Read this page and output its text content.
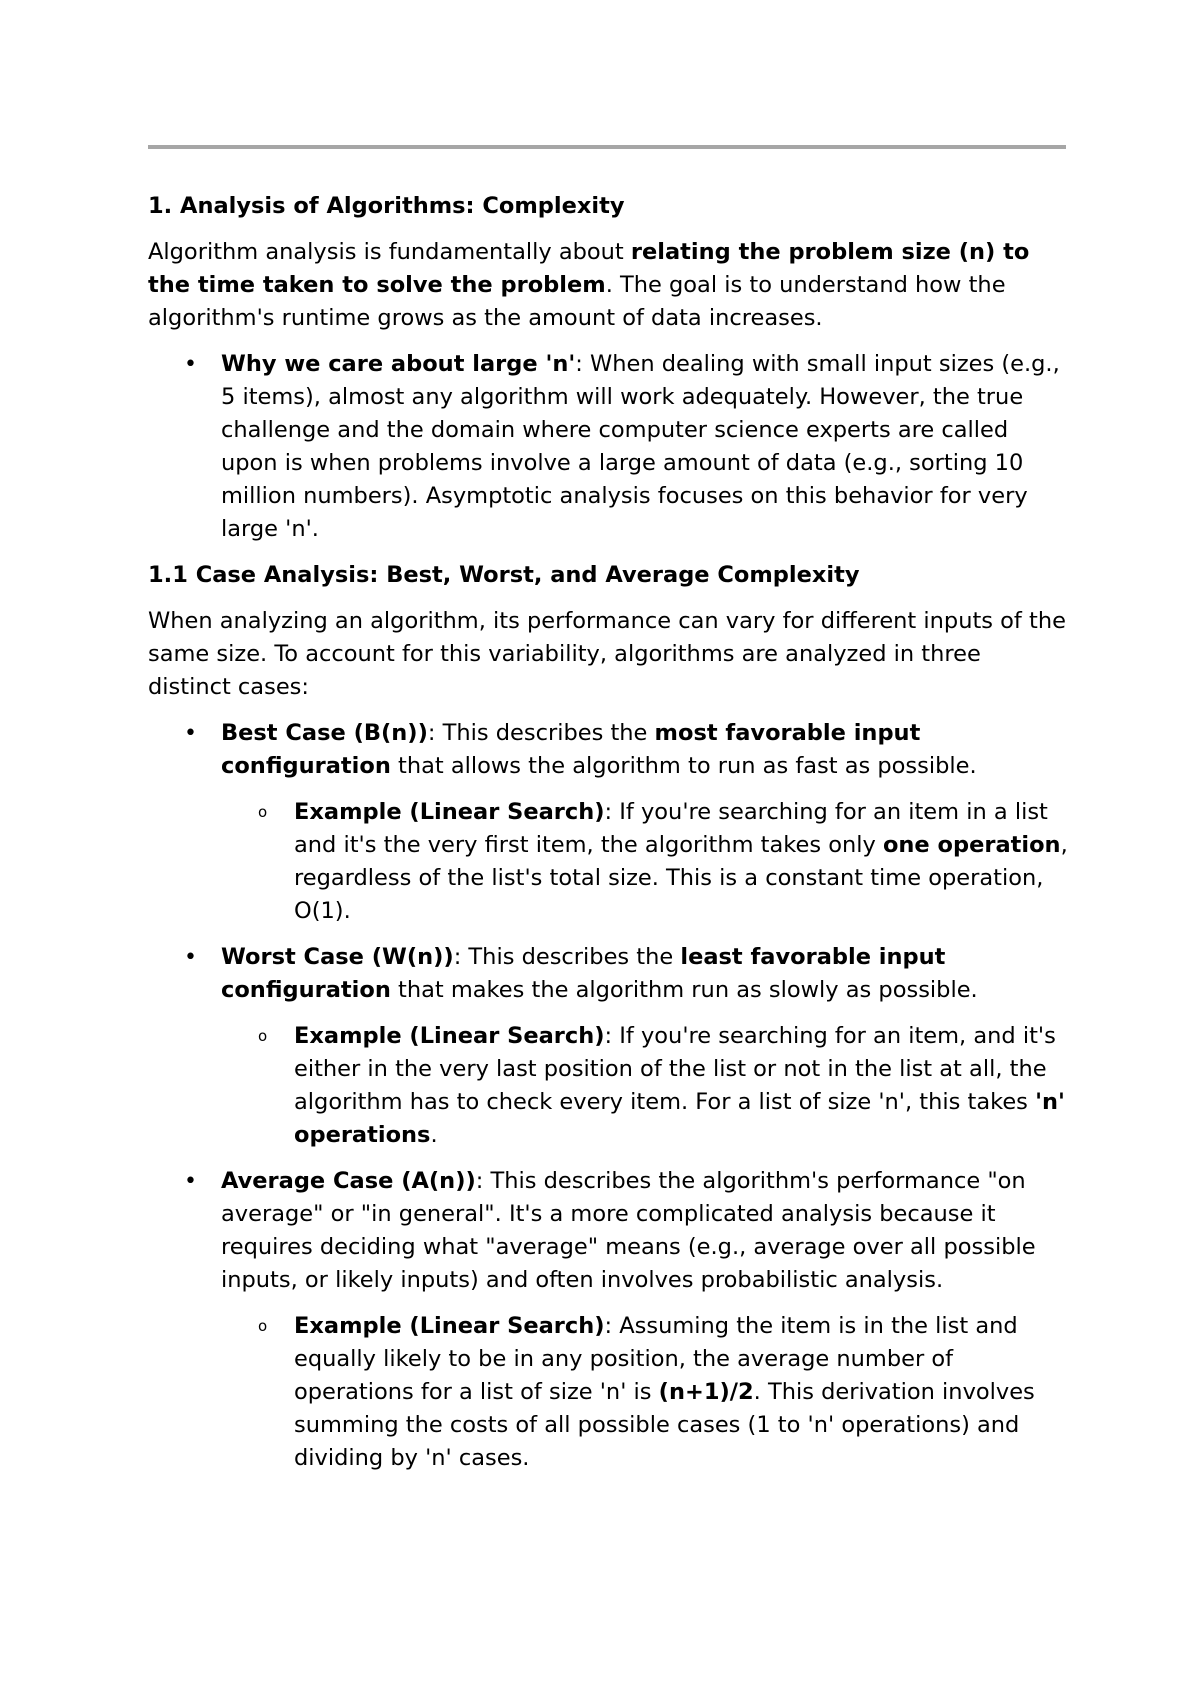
1. Analysis of Algorithms: Complexity

Algorithm analysis is fundamentally about relating the problem size (n) to the time taken to solve the problem. The goal is to understand how the algorithm's runtime grows as the amount of data increases.

• Why we care about large 'n': When dealing with small input sizes (e.g., 5 items), almost any algorithm will work adequately. However, the true challenge and the domain where computer science experts are called upon is when problems involve a large amount of data (e.g., sorting 10 million numbers). Asymptotic analysis focuses on this behavior for very large 'n'.
1.1 Case Analysis: Best, Worst, and Average Complexity

When analyzing an algorithm, its performance can vary for different inputs of the same size. To account for this variability, algorithms are analyzed in three distinct cases:

• Best Case (B(n)): This describes the most favorable input configuration that allows the algorithm to run as fast as possible.
o Example (Linear Search): If you're searching for an item in a list and it's the very first item, the algorithm takes only one operation, regardless of the list's total size. This is a constant time operation, O(1).
• Worst Case (W(n)): This describes the least favorable input configuration that makes the algorithm run as slowly as possible.
o Example (Linear Search): If you're searching for an item, and it's either in the very last position of the list or not in the list at all, the algorithm has to check every item. For a list of size 'n', this takes 'n' operations.
• Average Case (A(n)): This describes the algorithm's performance "on average" or "in general". It's a more complicated analysis because it requires deciding what "average" means (e.g., average over all possible inputs, or likely inputs) and often involves probabilistic analysis.
o Example (Linear Search): Assuming the item is in the list and equally likely to be in any position, the average number of operations for a list of size 'n' is (n+1)/2. This derivation involves summing the costs of all possible cases (1 to 'n' operations) and dividing by 'n' cases.
